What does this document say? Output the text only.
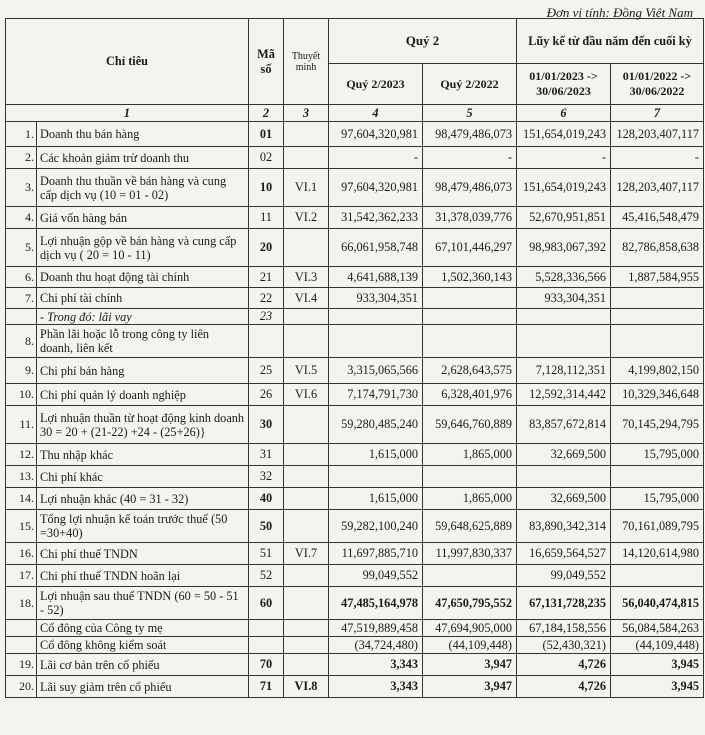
Đơn vị tính: Đồng Việt Nam
Chỉ tiêu		Mã số	Thuyết minh	Quý 2		Lũy kế từ đầu năm đến cuối kỳ	
				Quý 2/2023	Quý 2/2022	01/01/2023 -> 30/06/2023	01/01/2022 -> 30/06/2022
1		2	3	4	5	6	7
1.	Doanh thu bán hàng	01		97,604,320,981	98,479,486,073	151,654,019,243	128,203,407,117
2.	Các khoản giảm trừ doanh thu	02		-	-	-	-
3.	Doanh thu thuần về bán hàng và cung cấp dịch vụ (10 = 01 - 02)	10	VI.1	97,604,320,981	98,479,486,073	151,654,019,243	128,203,407,117
4.	Giá vốn hàng bán	11	VI.2	31,542,362,233	31,378,039,776	52,670,951,851	45,416,548,479
5.	Lợi nhuận gộp về bán hàng và cung cấp dịch vụ ( 20 = 10 - 11)	20		66,061,958,748	67,101,446,297	98,983,067,392	82,786,858,638
6.	Doanh thu hoạt động tài chính	21	VI.3	4,641,688,139	1,502,360,143	5,528,336,566	1,887,584,955
7.	Chi phí tài chính	22	VI.4	933,304,351		933,304,351	
	- Trong đó: lãi vay	23					
8.	Phần lãi hoặc lỗ trong công ty liên doanh, liên kết						
9.	Chi phí bán hàng	25	VI.5	3,315,065,566	2,628,643,575	7,128,112,351	4,199,802,150
10.	Chi phí quản lý doanh nghiệp	26	VI.6	7,174,791,730	6,328,401,976	12,592,314,442	10,329,346,648
11.	Lợi nhuận thuần từ hoạt động kinh doanh 30 = 20 + (21-22) +24 - (25+26)}	30		59,280,485,240	59,646,760,889	83,857,672,814	70,145,294,795
12.	Thu nhập khác	31		1,615,000	1,865,000	32,669,500	15,795,000
13.	Chi phí khác	32					
14.	Lợi nhuận khác (40 = 31 - 32)	40		1,615,000	1,865,000	32,669,500	15,795,000
15.	Tổng lợi nhuận kế toán trước thuế (50 =30+40)	50		59,282,100,240	59,648,625,889	83,890,342,314	70,161,089,795
16.	Chi phí thuế TNDN	51	VI.7	11,697,885,710	11,997,830,337	16,659,564,527	14,120,614,980
17.	Chi phí thuế TNDN hoãn lại	52		99,049,552		99,049,552	
18.	Lợi nhuận sau thuế TNDN (60 = 50 - 51 - 52)	60		47,485,164,978	47,650,795,552	67,131,728,235	56,040,474,815
	Cổ đông của Công ty mẹ			47,519,889,458	47,694,905,000	67,184,158,556	56,084,584,263
	Cổ đông không kiểm soát			(34,724,480)	(44,109,448)	(52,430,321)	(44,109,448)
19.	Lãi cơ bản trên cổ phiếu	70		3,343	3,947	4,726	3,945
20.	Lãi suy giảm trên cổ phiếu	71	VI.8	3,343	3,947	4,726	3,945
